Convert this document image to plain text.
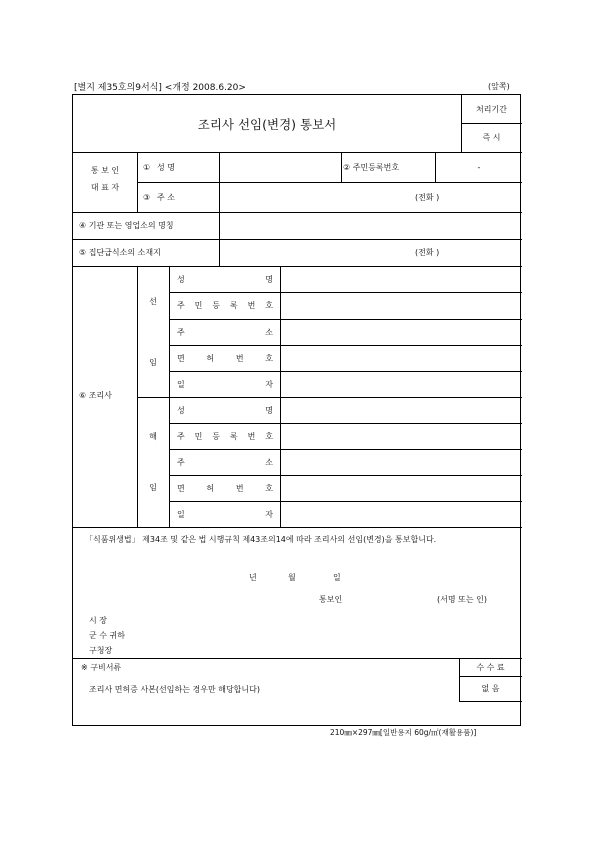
[별지 제35호의9서식] <개정 2008.6.20>	(앞쪽)
조리사 선임(변경) 통보서
처리기간
즉 시
통 보 인
대 표 자
① 성 명	② 주민등록번호	-
③ 주 소	(전화 )
④ 기관 또는 영업소의 명칭
⑤ 집단급식소의 소재지	(전화 )
⑥ 조리사
선
임
성	명
주 민 등 록 번 호
주	소
면	허	번	호
일	자
해
임
성	명
주 민 등 록 번 호
주	소
면	허	번	호
일	자
「식품위생법」 제34조 및 같은 법 시행규칙 제43조의14에 따라 조리사의 선임(변경)을 통보합니다.
년	월	일
통보인	(서명 또는 인)
시 장
군 수 귀하
구청장
※ 구비서류
조리사 면허증 사본(선임하는 경우만 해당합니다)
수 수 료
없 음
210㎜×297㎜[일반용지 60g/㎡(재활용품)]
